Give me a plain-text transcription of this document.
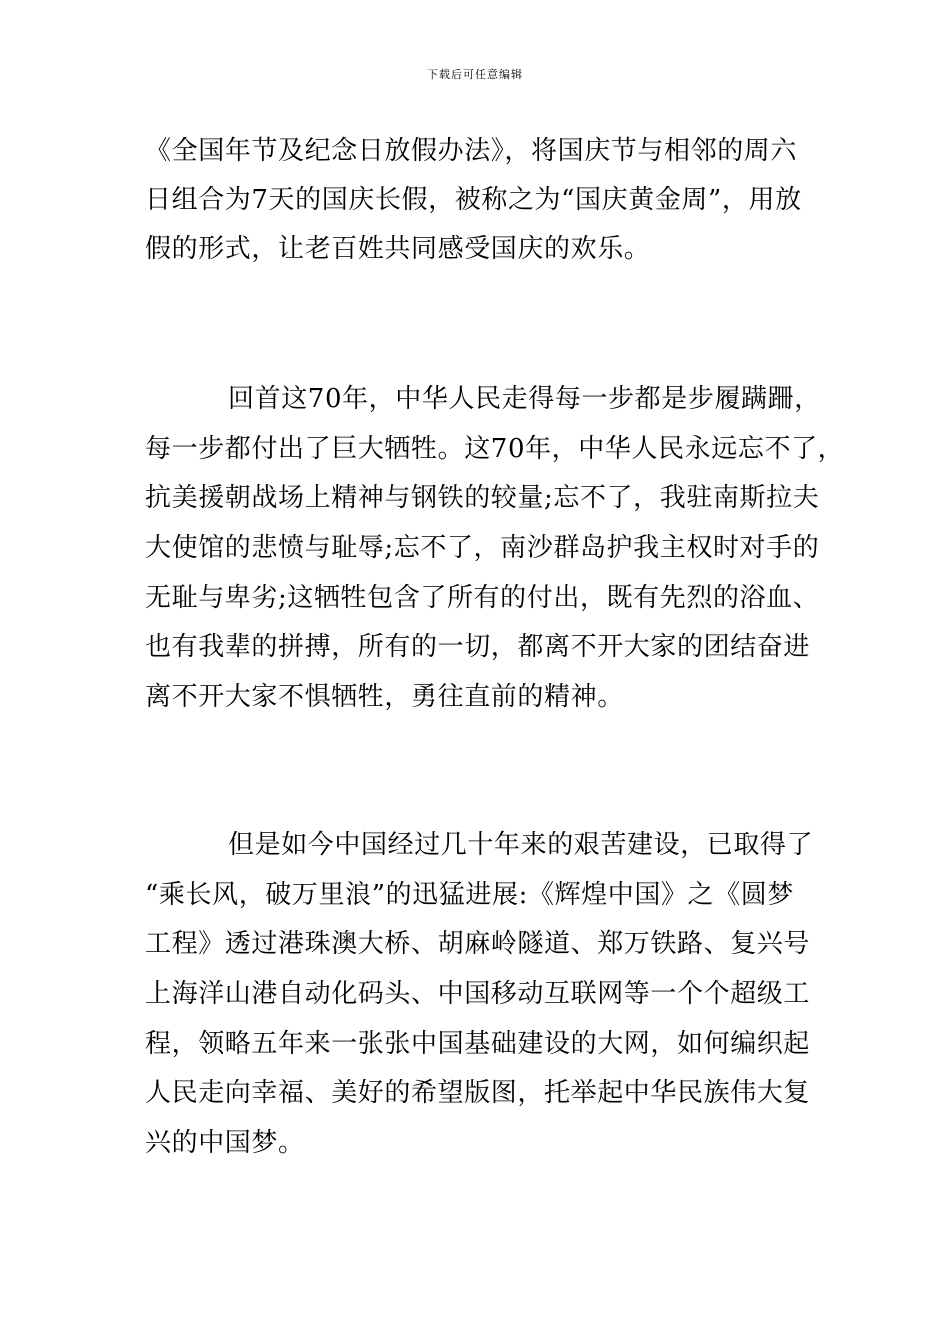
下载后可任意编辑

《全国年节及纪念日放假办法》，将国庆节与相邻的周六

日组合为7天的国庆长假，被称之为“国庆黄金周”，用放

假的形式，让老百姓共同感受国庆的欢乐。

回首这70年，中华人民走得每一步都是步履蹒跚，

每一步都付出了巨大牺牲。这70年，中华人民永远忘不了，

抗美援朝战场上精神与钢铁的较量;忘不了，我驻南斯拉夫

大使馆的悲愤与耻辱;忘不了，南沙群岛护我主权时对手的

无耻与卑劣;这牺牲包含了所有的付出，既有先烈的浴血、

也有我辈的拼搏，所有的一切，都离不开大家的团结奋进

离不开大家不惧牺牲，勇往直前的精神。

但是如今中国经过几十年来的艰苦建设，已取得了

“乘长风，破万里浪”的迅猛进展:《辉煌中国》之《圆梦

工程》透过港珠澳大桥、胡麻岭隧道、郑万铁路、复兴号

上海洋山港自动化码头、中国移动互联网等一个个超级工

程，领略五年来一张张中国基础建设的大网，如何编织起

人民走向幸福、美好的希望版图，托举起中华民族伟大复

兴的中国梦。
